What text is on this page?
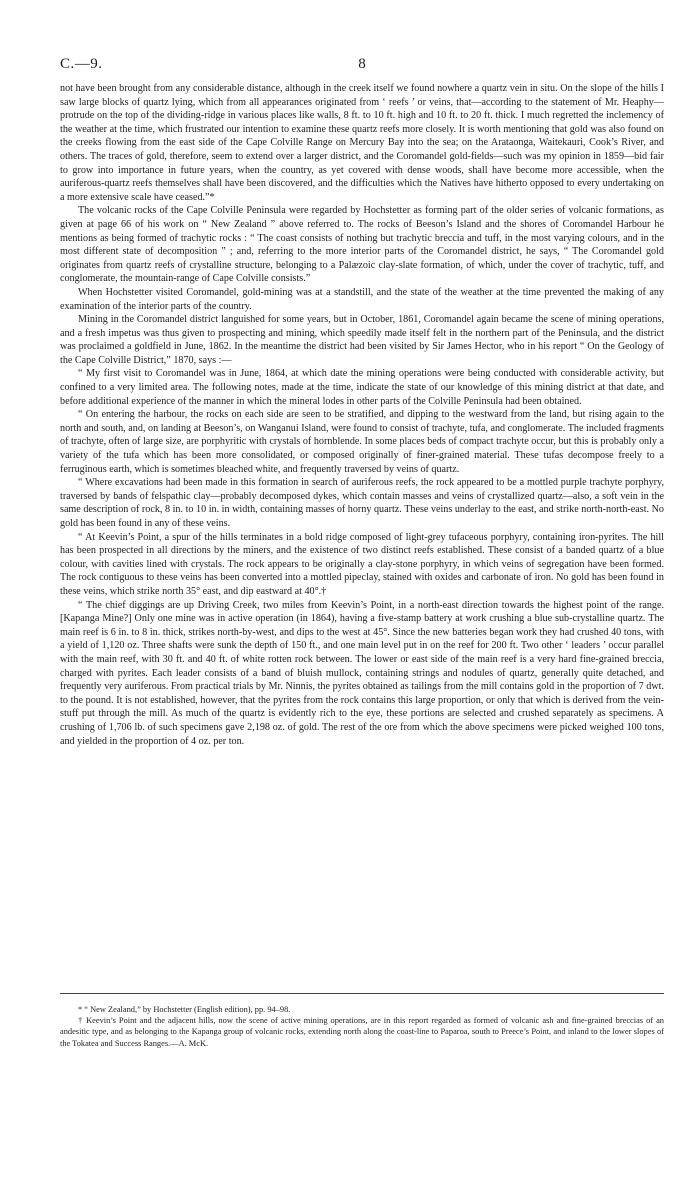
C.—9.	8

not have been brought from any considerable distance, although in the creek itself we found nowhere a quartz vein in situ. On the slope of the hills I saw large blocks of quartz lying, which from all appearances originated from ‘ reefs ’ or veins, that—according to the statement of Mr. Heaphy—protrude on the top of the dividing-ridge in various places like walls, 8 ft. to 10 ft. high and 10 ft. to 20 ft. thick. I much regretted the inclemency of the weather at the time, which frustrated our intention to examine these quartz reefs more closely. It is worth mentioning that gold was also found on the creeks flowing from the east side of the Cape Colville Range on Mercury Bay into the sea; on the Arataonga, Waitekauri, Cook’s River, and others. The traces of gold, therefore, seem to extend over a larger district, and the Coromandel gold-fields—such was my opinion in 1859—bid fair to grow into importance in future years, when the country, as yet covered with dense woods, shall have become more accessible, when the auriferous-quartz reefs themselves shall have been discovered, and the difficulties which the Natives have hitherto opposed to every undertaking on a more extensive scale have ceased.”*

The volcanic rocks of the Cape Colville Peninsula were regarded by Hochstetter as forming part of the older series of volcanic formations, as given at page 66 of his work on “ New Zealand ” above referred to. The rocks of Beeson’s Island and the shores of Coromandel Harbour he mentions as being formed of trachytic rocks : “ The coast consists of nothing but trachytic breccia and tuff, in the most varying colours, and in the most different state of decomposition ” ; and, referring to the more interior parts of the Coromandel district, he says, “ The Coromandel gold originates from quartz reefs of crystalline structure, belonging to a Palæzoic clay-slate formation, of which, under the cover of trachytic, tuff, and conglomerate, the mountain-range of Cape Colville consists.”

When Hochstetter visited Coromandel, gold-mining was at a standstill, and the state of the weather at the time prevented the making of any examination of the interior parts of the country.

Mining in the Coromandel district languished for some years, but in October, 1861, Coromandel again became the scene of mining operations, and a fresh impetus was thus given to prospecting and mining, which speedily made itself felt in the northern part of the Peninsula, and the district was proclaimed a goldfield in June, 1862. In the meantime the district had been visited by Sir James Hector, who in his report “ On the Geology of the Cape Colville District,” 1870, says :—

“ My first visit to Coromandel was in June, 1864, at which date the mining operations were being conducted with considerable activity, but confined to a very limited area. The following notes, made at the time, indicate the state of our knowledge of this mining district at that date, and before additional experience of the manner in which the mineral lodes in other parts of the Colville Peninsula had been obtained.

“ On entering the harbour, the rocks on each side are seen to be stratified, and dipping to the westward from the land, but rising again to the north and south, and, on landing at Beeson’s, on Wanganui Island, were found to consist of trachyte, tufa, and conglomerate. The included fragments of trachyte, often of large size, are porphyritic with crystals of hornblende. In some places beds of compact trachyte occur, but this is probably only a variety of the tufa which has been more consolidated, or composed originally of finer-grained material. These tufas decompose freely to a ferruginous earth, which is sometimes bleached white, and frequently traversed by veins of quartz.

“ Where excavations had been made in this formation in search of auriferous reefs, the rock appeared to be a mottled purple trachyte porphyry, traversed by bands of felspathic clay—probably decomposed dykes, which contain masses and veins of crystallized quartz—also, a soft vein in the same description of rock, 8 in. to 10 in. in width, containing masses of horny quartz. These veins underlay to the east, and strike north-north-east. No gold has been found in any of these veins.

“ At Keevin’s Point, a spur of the hills terminates in a bold ridge composed of light-grey tufaceous porphyry, containing iron-pyrites. The hill has been prospected in all directions by the miners, and the existence of two distinct reefs established. These consist of a banded quartz of a blue colour, with cavities lined with crystals. The rock appears to be originally a clay-stone porphyry, in which veins of segregation have been formed. The rock contiguous to these veins has been converted into a mottled pipeclay, stained with oxides and carbonate of iron. No gold has been found in these veins, which strike north 35° east, and dip eastward at 40°.†

“ The chief diggings are up Driving Creek, two miles from Keevin’s Point, in a north-east direction towards the highest point of the range. [Kapanga Mine?] Only one mine was in active operation (in 1864), having a five-stamp battery at work crushing a blue sub-crystalline quartz. The main reef is 6 in. to 8 in. thick, strikes north-by-west, and dips to the west at 45°. Since the new batteries began work they had crushed 40 tons, with a yield of 1,120 oz. Three shafts were sunk the depth of 150 ft., and one main level put in on the reef for 200 ft. Two other ‘ leaders ’ occur parallel with the main reef, with 30 ft. and 40 ft. of white rotten rock between. The lower or east side of the main reef is a very hard fine-grained breccia, charged with pyrites. Each leader consists of a band of bluish mullock, containing strings and nodules of quartz, generally quite detached, and frequently very auriferous. From practical trials by Mr. Ninnis, the pyrites obtained as tailings from the mill contains gold in the proportion of 7 dwt. to the pound. It is not established, however, that the pyrites from the rock contains this large proportion, or only that which is derived from the vein-stuff put through the mill. As much of the quartz is evidently rich to the eye, these portions are selected and crushed separately as specimens. A crushing of 1,706 lb. of such specimens gave 2,198 oz. of gold. The rest of the ore from which the above specimens were picked weighed 100 tons, and yielded in the proportion of 4 oz. per ton.

* “ New Zealand,” by Hochstetter (English edition), pp. 94–98.

† Keevin’s Point and the adjacent hills, now the scene of active mining operations, are in this report regarded as formed of volcanic ash and fine-grained breccias of an andesitic type, and as belonging to the Kapanga group of volcanic rocks, extending north along the coast-line to Paparoa, south to Preece’s Point, and inland to the lower slopes of the Tokatea and Success Ranges.—A. McK.
